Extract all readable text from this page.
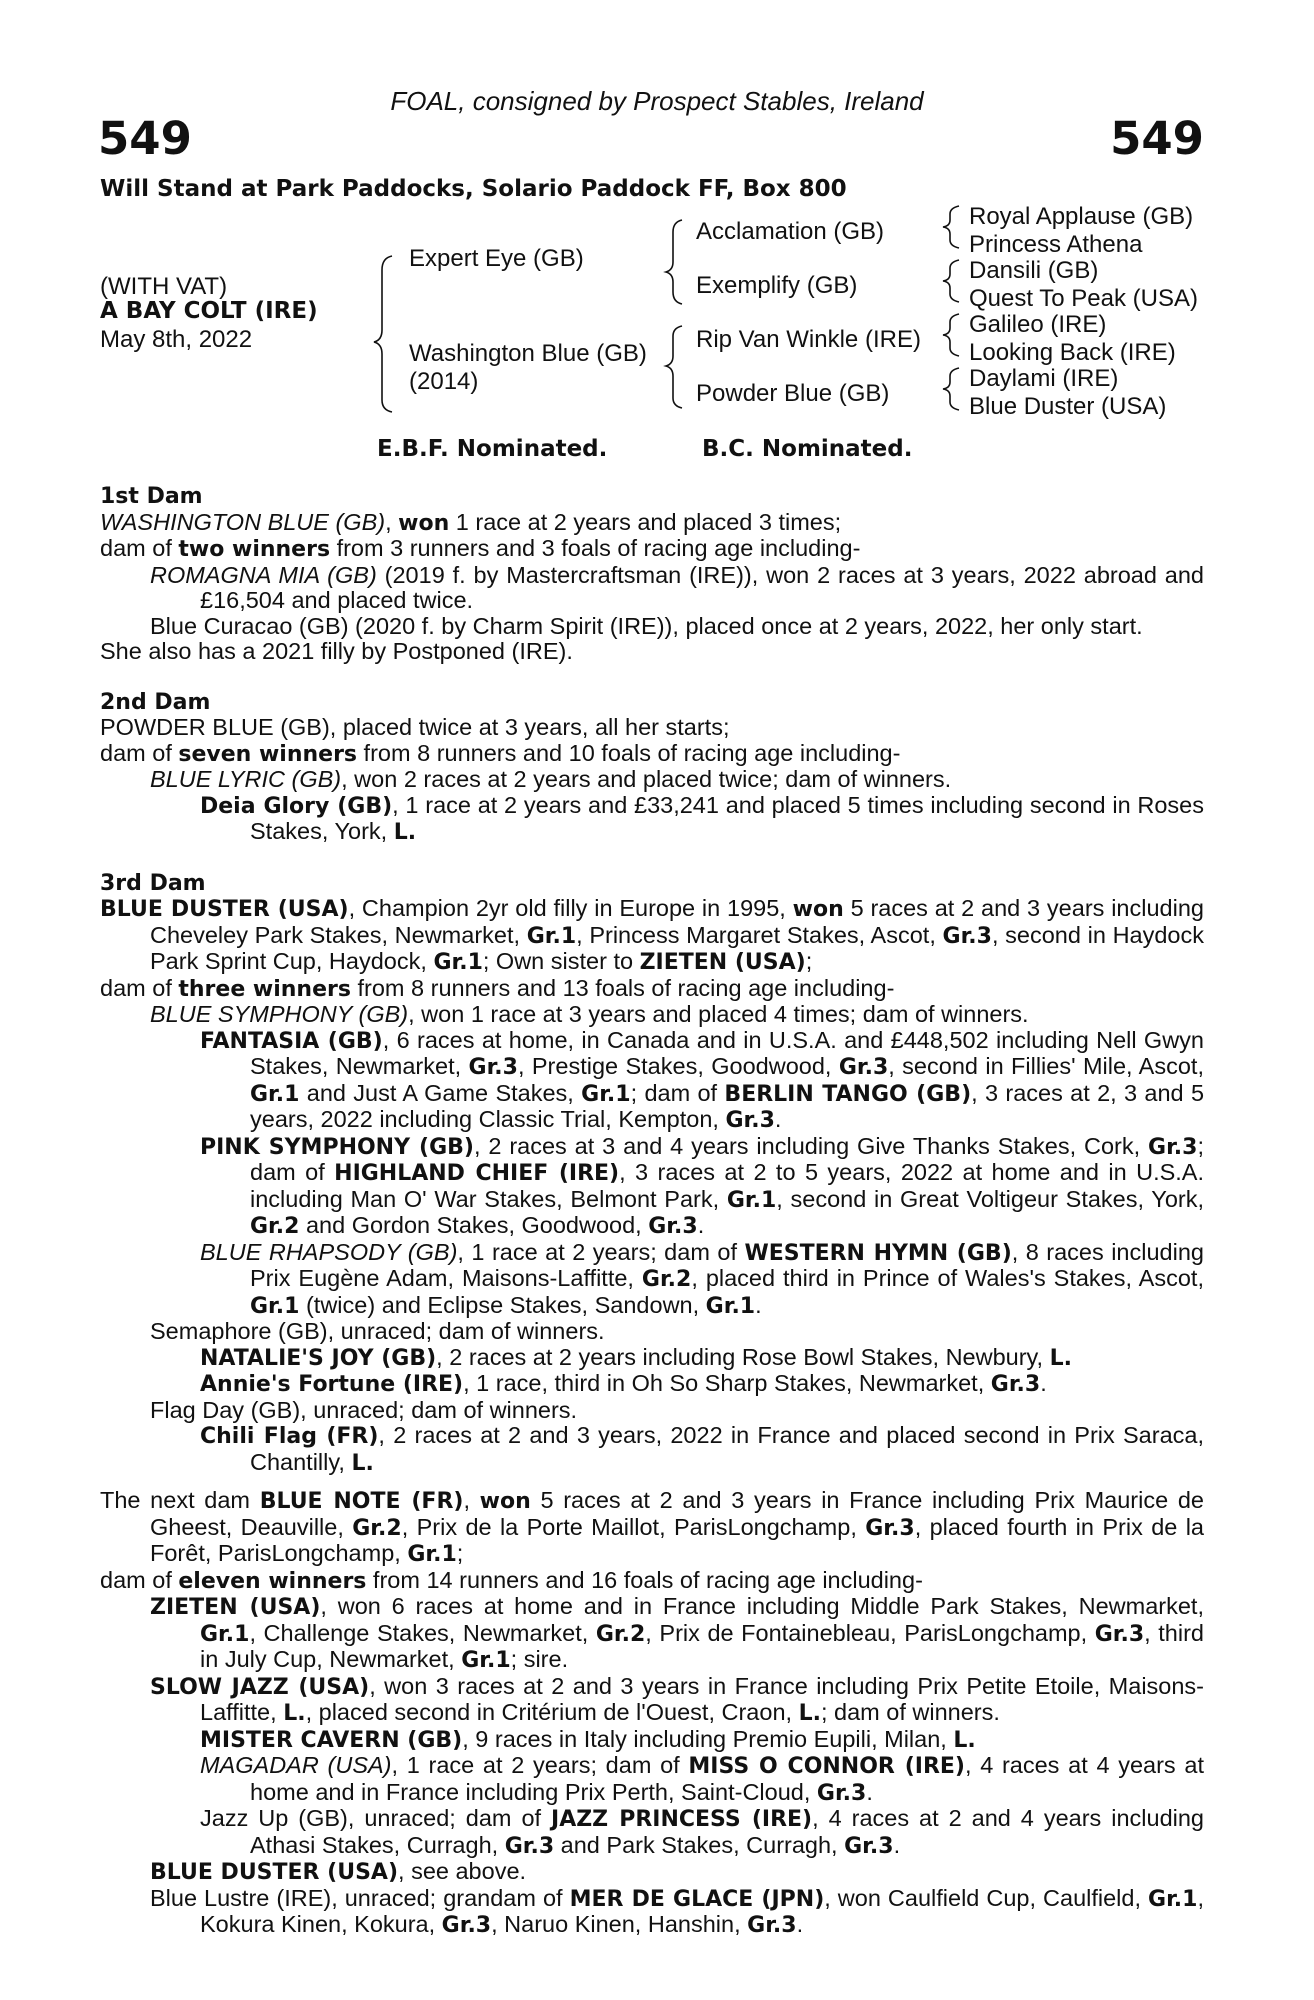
FOAL, consigned by Prospect Stables, Ireland
549	549
Will Stand at Park Paddocks, Solario Paddock FF, Box 800
(WITH VAT)
A BAY COLT (IRE)
May 8th, 2022
Expert Eye (GB)
Washington Blue (GB)
(2014)
Acclamation (GB)
Exemplify (GB)
Rip Van Winkle (IRE)
Powder Blue (GB)
Royal Applause (GB)
Princess Athena
Dansili (GB)
Quest To Peak (USA)
Galileo (IRE)
Looking Back (IRE)
Daylami (IRE)
Blue Duster (USA)
E.B.F. Nominated.	B.C. Nominated.
1st Dam
WASHINGTON BLUE (GB), won 1 race at 2 years and placed 3 times;
dam of two winners from 3 runners and 3 foals of racing age including-
ROMAGNA MIA (GB) (2019 f. by Mastercraftsman (IRE)), won 2 races at 3 years, 2022 abroad and £16,504 and placed twice.
Blue Curacao (GB) (2020 f. by Charm Spirit (IRE)), placed once at 2 years, 2022, her only start.
She also has a 2021 filly by Postponed (IRE).
2nd Dam
POWDER BLUE (GB), placed twice at 3 years, all her starts;
dam of seven winners from 8 runners and 10 foals of racing age including-
BLUE LYRIC (GB), won 2 races at 2 years and placed twice; dam of winners.
Deia Glory (GB), 1 race at 2 years and £33,241 and placed 5 times including second in Roses Stakes, York, L.
3rd Dam
BLUE DUSTER (USA), Champion 2yr old filly in Europe in 1995, won 5 races at 2 and 3 years including Cheveley Park Stakes, Newmarket, Gr.1, Princess Margaret Stakes, Ascot, Gr.3, second in Haydock Park Sprint Cup, Haydock, Gr.1; Own sister to ZIETEN (USA);
dam of three winners from 8 runners and 13 foals of racing age including-
BLUE SYMPHONY (GB), won 1 race at 3 years and placed 4 times; dam of winners.
FANTASIA (GB), 6 races at home, in Canada and in U.S.A. and £448,502 including Nell Gwyn Stakes, Newmarket, Gr.3, Prestige Stakes, Goodwood, Gr.3, second in Fillies' Mile, Ascot, Gr.1 and Just A Game Stakes, Gr.1; dam of BERLIN TANGO (GB), 3 races at 2, 3 and 5 years, 2022 including Classic Trial, Kempton, Gr.3.
PINK SYMPHONY (GB), 2 races at 3 and 4 years including Give Thanks Stakes, Cork, Gr.3; dam of HIGHLAND CHIEF (IRE), 3 races at 2 to 5 years, 2022 at home and in U.S.A. including Man O' War Stakes, Belmont Park, Gr.1, second in Great Voltigeur Stakes, York, Gr.2 and Gordon Stakes, Goodwood, Gr.3.
BLUE RHAPSODY (GB), 1 race at 2 years; dam of WESTERN HYMN (GB), 8 races including Prix Eugène Adam, Maisons-Laffitte, Gr.2, placed third in Prince of Wales's Stakes, Ascot, Gr.1 (twice) and Eclipse Stakes, Sandown, Gr.1.
Semaphore (GB), unraced; dam of winners.
NATALIE'S JOY (GB), 2 races at 2 years including Rose Bowl Stakes, Newbury, L.
Annie's Fortune (IRE), 1 race, third in Oh So Sharp Stakes, Newmarket, Gr.3.
Flag Day (GB), unraced; dam of winners.
Chili Flag (FR), 2 races at 2 and 3 years, 2022 in France and placed second in Prix Saraca, Chantilly, L.
The next dam BLUE NOTE (FR), won 5 races at 2 and 3 years in France including Prix Maurice de Gheest, Deauville, Gr.2, Prix de la Porte Maillot, ParisLongchamp, Gr.3, placed fourth in Prix de la Forêt, ParisLongchamp, Gr.1;
dam of eleven winners from 14 runners and 16 foals of racing age including-
ZIETEN (USA), won 6 races at home and in France including Middle Park Stakes, Newmarket, Gr.1, Challenge Stakes, Newmarket, Gr.2, Prix de Fontainebleau, ParisLongchamp, Gr.3, third in July Cup, Newmarket, Gr.1; sire.
SLOW JAZZ (USA), won 3 races at 2 and 3 years in France including Prix Petite Etoile, Maisons-Laffitte, L., placed second in Critérium de l'Ouest, Craon, L.; dam of winners.
MISTER CAVERN (GB), 9 races in Italy including Premio Eupili, Milan, L.
MAGADAR (USA), 1 race at 2 years; dam of MISS O CONNOR (IRE), 4 races at 4 years at home and in France including Prix Perth, Saint-Cloud, Gr.3.
Jazz Up (GB), unraced; dam of JAZZ PRINCESS (IRE), 4 races at 2 and 4 years including Athasi Stakes, Curragh, Gr.3 and Park Stakes, Curragh, Gr.3.
BLUE DUSTER (USA), see above.
Blue Lustre (IRE), unraced; grandam of MER DE GLACE (JPN), won Caulfield Cup, Caulfield, Gr.1, Kokura Kinen, Kokura, Gr.3, Naruo Kinen, Hanshin, Gr.3.
